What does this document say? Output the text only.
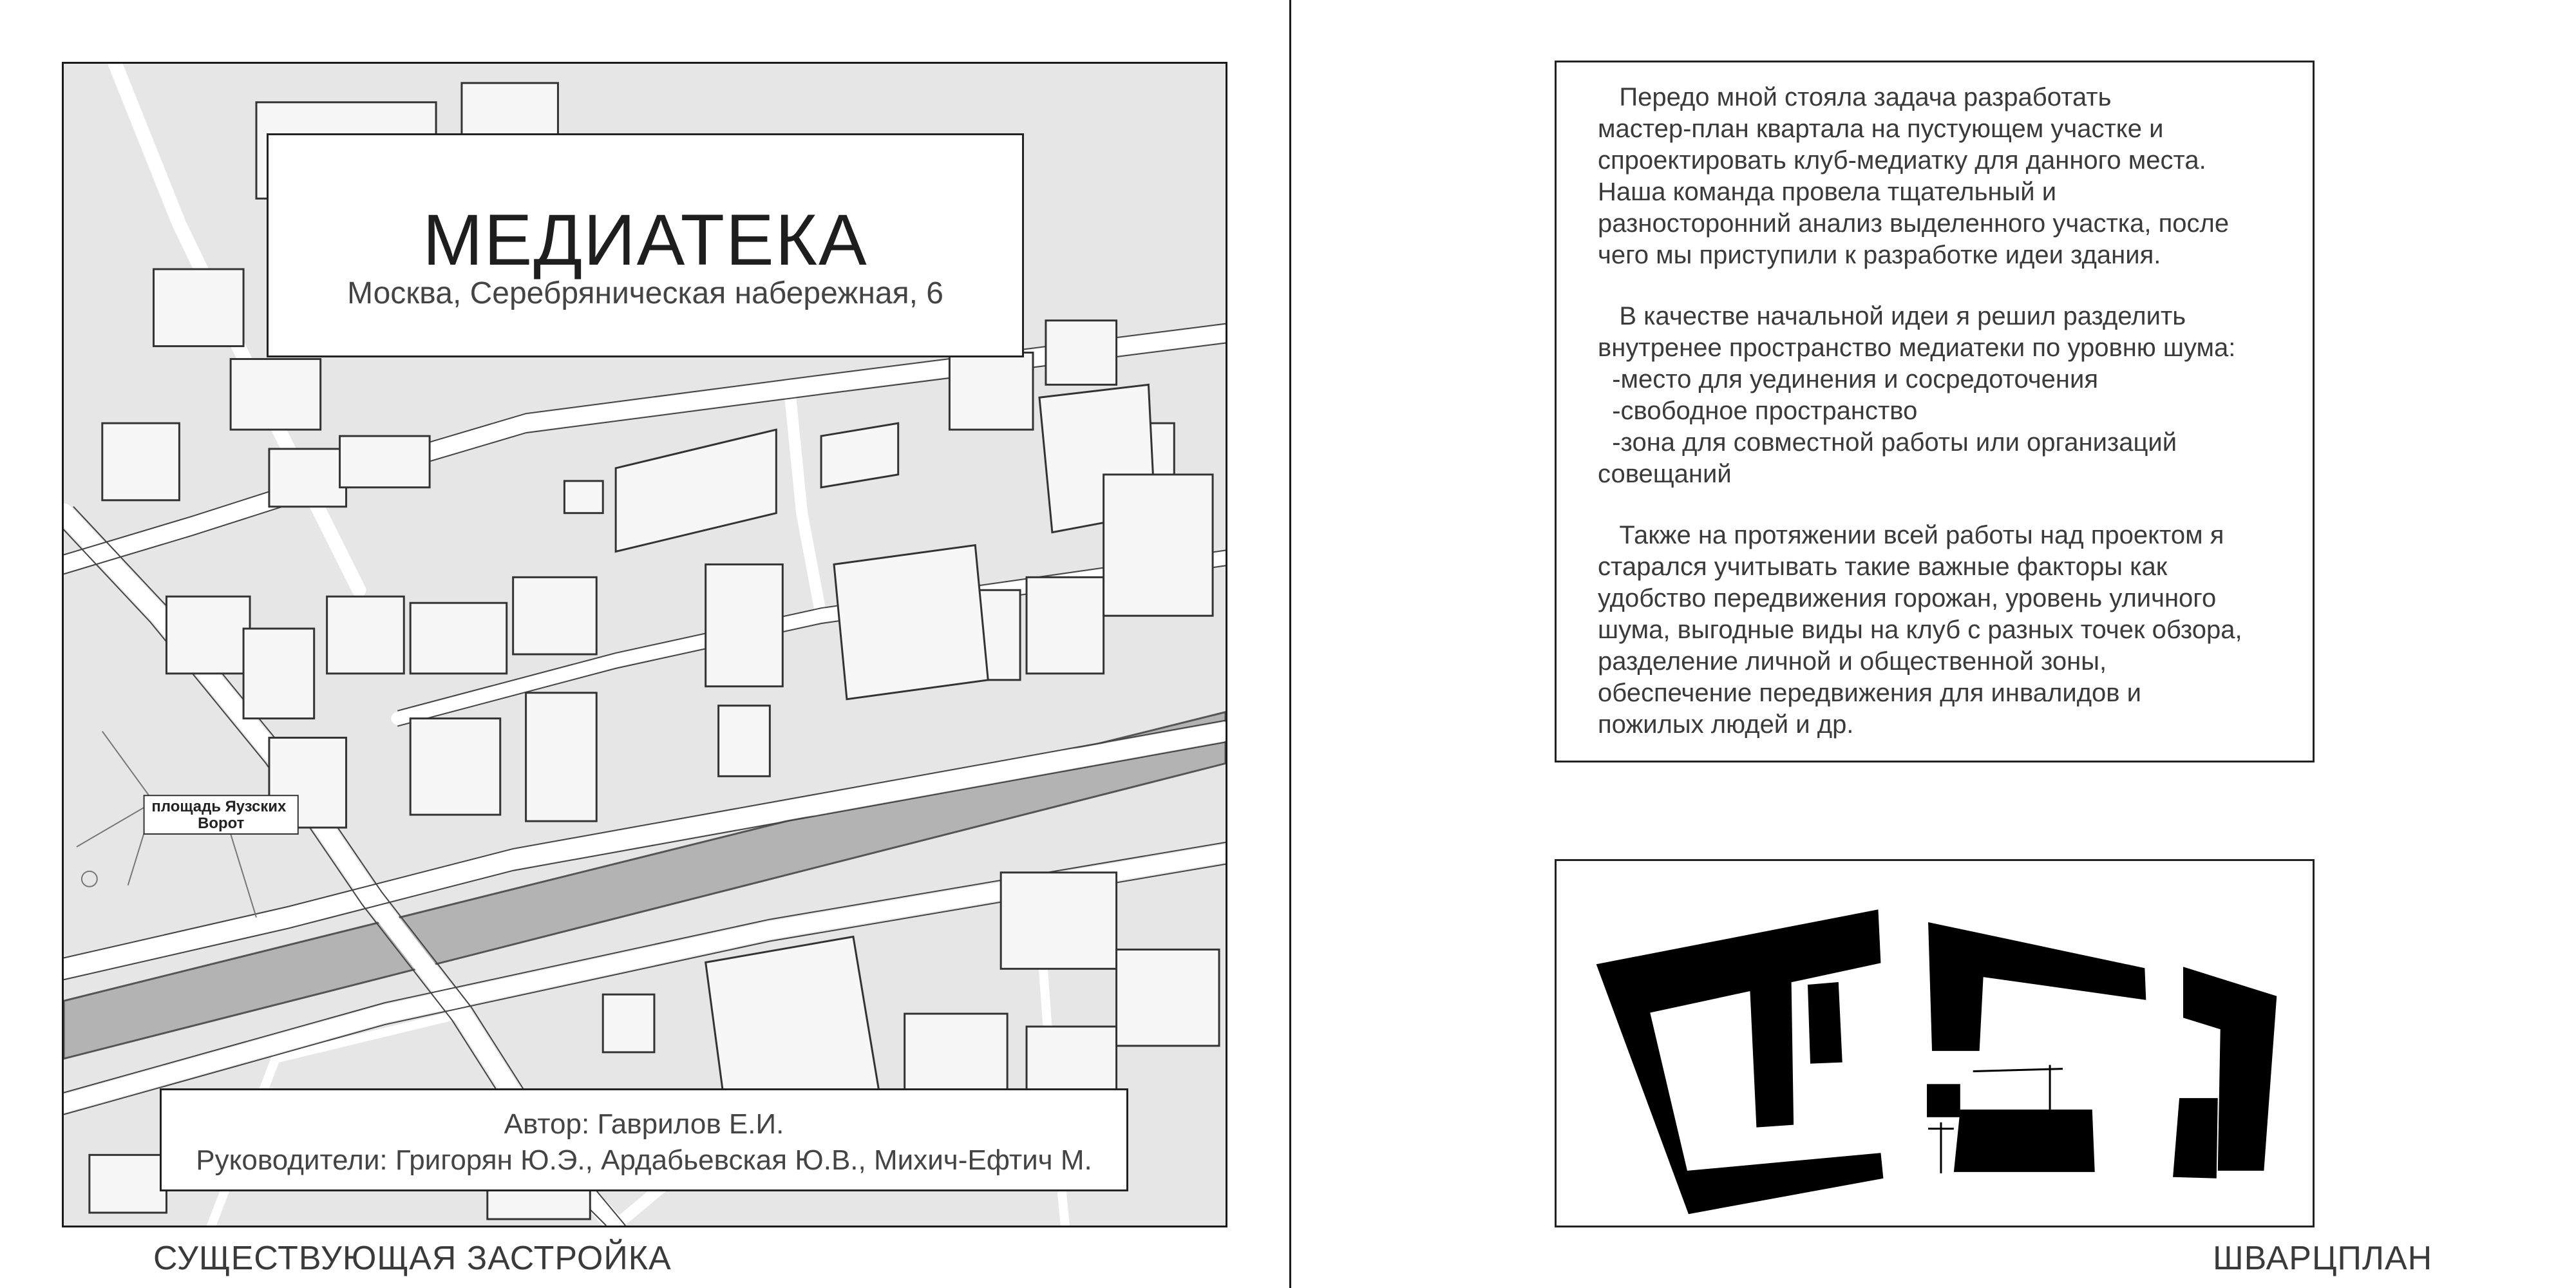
площадь Яузских Ворот
МЕДИАТЕКА
Москва, Серебряническая набережная, 6
Автор: Гаврилов Е.И.
Руководители: Григорян Ю.Э., Ардабьевская Ю.В., Михич-Ефтич М.
СУЩЕСТВУЮЩАЯ ЗАСТРОЙКА

Передо мной стояла задача разработать

мастер-план квартала на пустующем участке и

спроектировать клуб-медиатку для данного места.

Наша команда провела тщательный и

разносторонний анализ выделенного участка, после

чего мы приступили к разработке идеи здания.

В качестве начальной идеи я решил разделить

внутренее пространство медиатеки по уровню шума:

-место для уединения и сосредоточения

-свободное пространство

-зона для совместной работы или организаций

совещаний

Также на протяжении всей работы над проектом я

старался учитывать такие важные факторы как

удобство передвижения горожан, уровень уличного

шума, выгодные виды на клуб с разных точек обзора,

разделение личной и общественной зоны,

обеспечение передвижения для инвалидов и

пожилых людей и др.

ШВАРЦПЛАН
